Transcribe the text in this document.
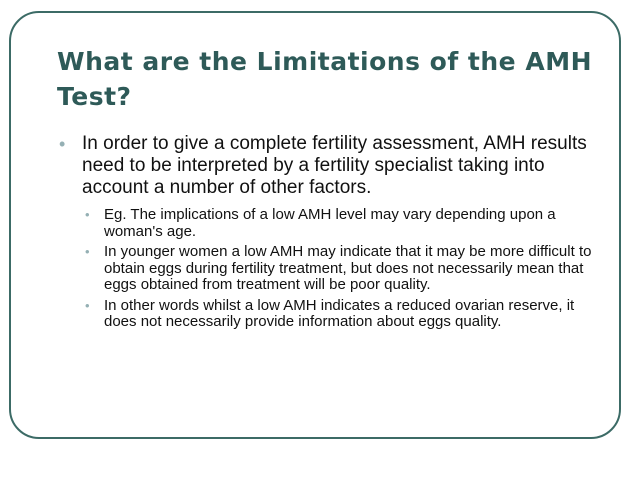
What are the Limitations of the AMH Test?
• In order to give a complete fertility assessment, AMH results need to be interpreted by a fertility specialist taking into account a number of other factors.
• Eg. The implications of a low AMH level may vary depending upon a woman's age.
• In younger women a low AMH may indicate that it may be more difficult to obtain eggs during fertility treatment, but does not necessarily mean that eggs obtained from treatment will be poor quality.
• In other words whilst a low AMH indicates a reduced ovarian reserve, it does not necessarily provide information about eggs quality.
